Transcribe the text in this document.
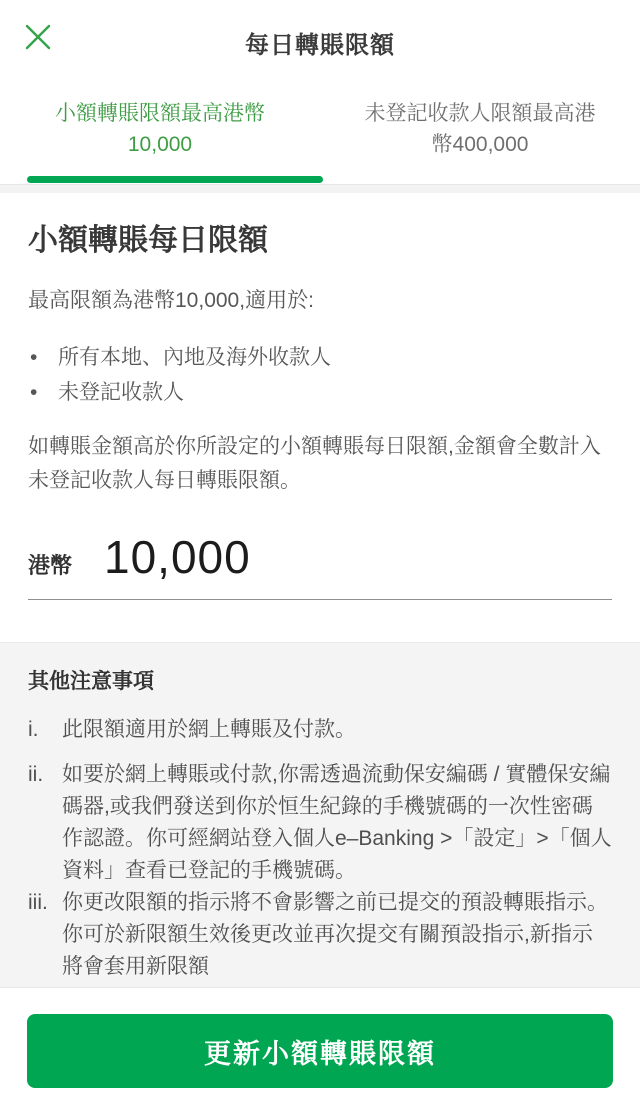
每日轉賬限額
小額轉賬限額最高港幣10,000
未登記收款人限額最高港幣400,000
小額轉賬每日限額

最高限額為港幣10,000,適用於:

• 所有本地、內地及海外收款人
• 未登記收款人

如轉賬金額高於你所設定的小額轉賬每日限額,金額會全數計入未登記收款人每日轉賬限額。

港幣 10,000
其他注意事項
i.	此限額適用於網上轉賬及付款。
ii. 如要於網上轉賬或付款,你需透過流動保安編碼 / 實體保安編碼器,或我們發送到你於恒生紀錄的手機號碼的一次性密碼作認證。你可經網站登入個人e–Banking >「設定」>「個人資料」查看已登記的手機號碼。
iii. 你更改限額的指示將不會影響之前已提交的預設轉賬指示。你可於新限額生效後更改並再次提交有關預設指示,新指示將會套用新限額
更新小額轉賬限額
